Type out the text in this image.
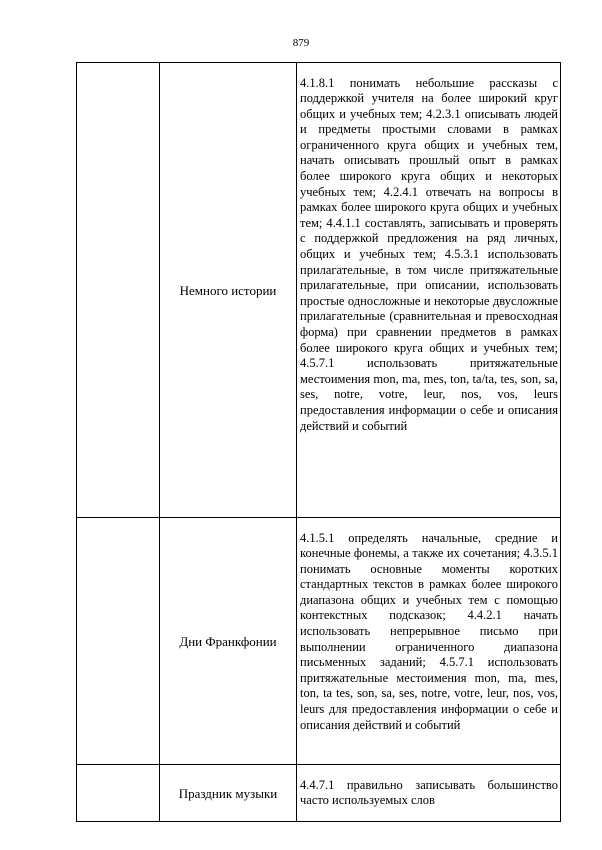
879

	Немного истории	4.1.8.1 понимать небольшие рассказы с поддержкой учителя на более широкий круг общих и учебных тем; 4.2.3.1 описывать людей и предметы простыми словами в рамках ограниченного круга общих и учебных тем, начать описывать прошлый опыт в рамках более широкого круга общих и некоторых учебных тем; 4.2.4.1 отвечать на вопросы в рамках более широкого круга общих и учебных тем; 4.4.1.1 составлять, записывать и проверять с поддержкой предложения на ряд личных, общих и учебных тем; 4.5.3.1 использовать прилагательные, в том числе притяжательные прилагательные, при описании, использовать простые односложные и некоторые двусложные прилагательные (сравнительная и превосходная форма) при сравнении предметов в рамках более широкого круга общих и учебных тем; 4.5.7.1 использовать притяжательные местоимения mon, ma, mes, ton, ta/ta, tes, son, sa, ses, notre, votre, leur, nos, vos, leurs предоставления информации о себе и описания действий и событий

	Дни Франкфонии	4.1.5.1 определять начальные, средние и конечные фонемы, а также их сочетания; 4.3.5.1 понимать основные моменты коротких стандартных текстов в рамках более широкого диапазона общих и учебных тем с помощью контекстных подсказок; 4.4.2.1 начать использовать непрерывное письмо при выполнении ограниченного диапазона письменных заданий; 4.5.7.1 использовать притяжательные местоимения mon, ma, mes, ton, ta tes, son, sa, ses, notre, votre, leur, nos, vos, leurs для предоставления информации о себе и описания действий и событий

	Праздник музыки	4.4.7.1 правильно записывать большинство часто используемых слов
